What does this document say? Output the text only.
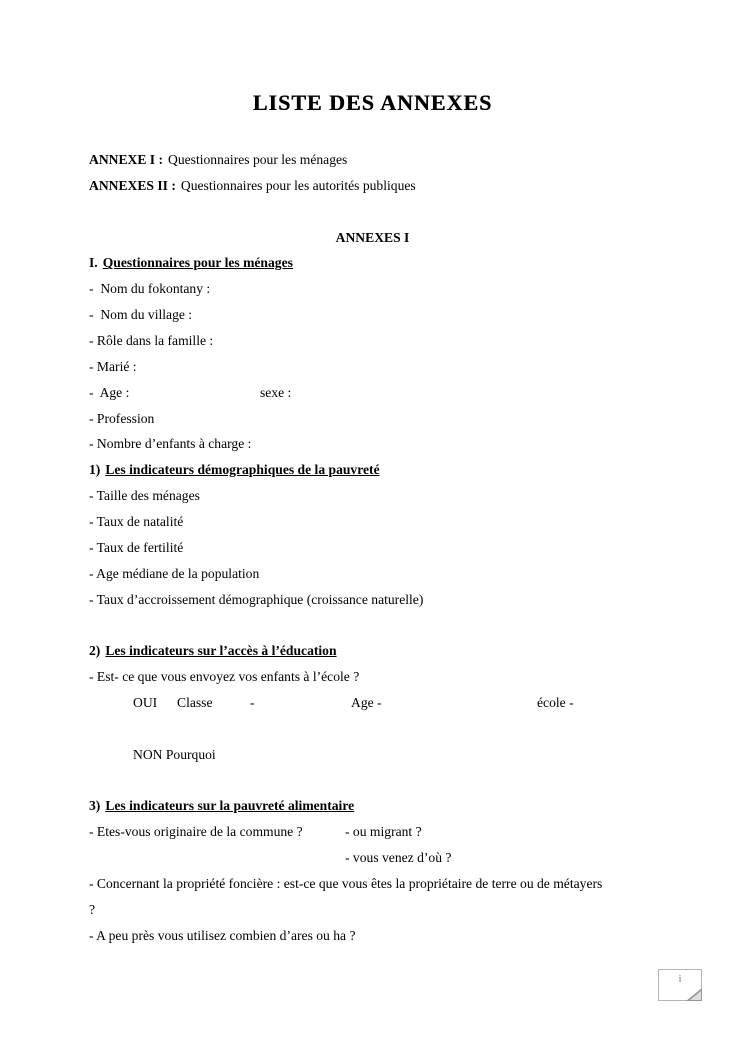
LISTE DES ANNEXES
ANNEXE I : Questionnaires pour les ménages
ANNEXES II : Questionnaires pour les autorités publiques
ANNEXES I
I. Questionnaires pour les ménages
-  Nom du fokontany :
-  Nom du village :
- Rôle dans la famille :
- Marié :
-  Age :	sexe :
- Profession
- Nombre d’enfants à charge :
1) Les indicateurs démographiques de la pauvreté
- Taille des ménages
- Taux de natalité
- Taux de fertilité
- Age médiane de la population
- Taux d’accroissement démographique (croissance naturelle)
2) Les indicateurs sur l’accès à l’éducation
- Est- ce que vous envoyez vos enfants à l’école ?
OUI Classe	-	Age -	école -
NON Pourquoi
3) Les indicateurs sur la pauvreté alimentaire
- Etes-vous originaire de la commune ?	- ou migrant ?
- vous venez d’où ?
- Concernant la propriété foncière : est-ce que vous êtes la propriétaire de terre ou de métayers
?
- A peu près vous utilisez combien d’ares ou ha ?
i
